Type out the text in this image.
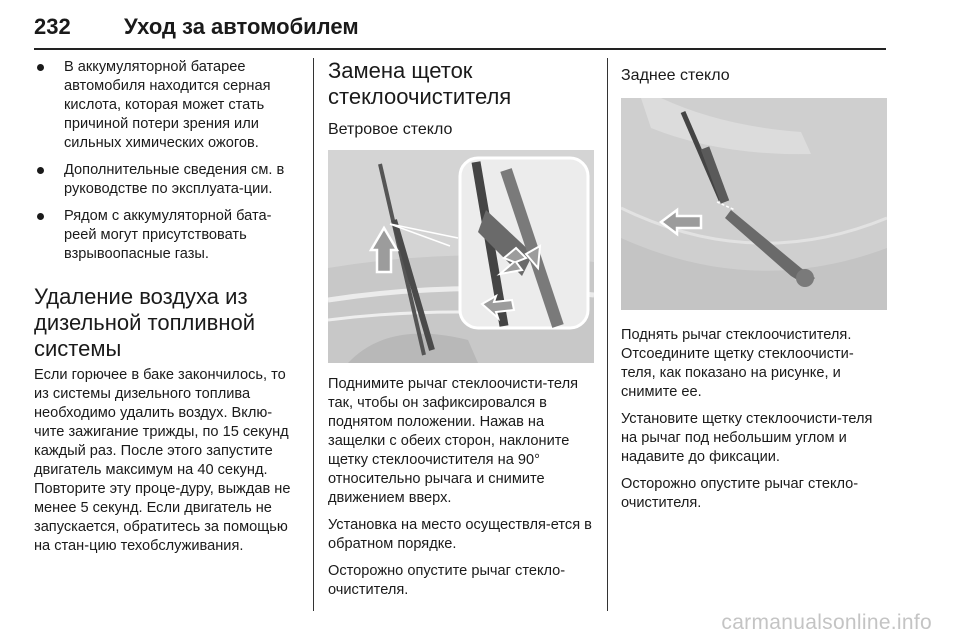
232 Уход за автомобилем

В аккумуляторной батарее автомобиля находится серная кислота, которая может стать причиной потери зрения или сильных химических ожогов.

Дополнительные сведения см. в руководстве по эксплуата-ции.

Рядом с аккумуляторной бата-реей могут присутствовать взрывоопасные газы.

Удаление воздуха из дизельной топливной системы

Если горючее в баке закончилось, то из системы дизельного топлива необходимо удалить воздух. Вклю-чите зажигание трижды, по 15 секунд каждый раз. После этого запустите двигатель максимум на 40 секунд. Повторите эту проце-дуру, выждав не менее 5 секунд. Если двигатель не запускается, обратитесь за помощью на стан-цию техобслуживания.

Замена щеток стеклоочистителя
Ветровое стекло

Поднимите рычаг стеклоочисти-теля так, чтобы он зафиксировался в поднятом положении. Нажав на защелки с обеих сторон, наклоните щетку стеклоочистителя на 90° относительно рычага и снимите движением вверх.

Установка на место осуществля-ется в обратном порядке.

Осторожно опустите рычаг стекло-очистителя.

Заднее стекло

Поднять рычаг стеклоочистителя. Отсоедините щетку стеклоочисти-теля, как показано на рисунке, и снимите ее.

Установите щетку стеклоочисти-теля на рычаг под небольшим углом и надавите до фиксации.

Осторожно опустите рычаг стекло-очистителя.

carmanualsonline.info
